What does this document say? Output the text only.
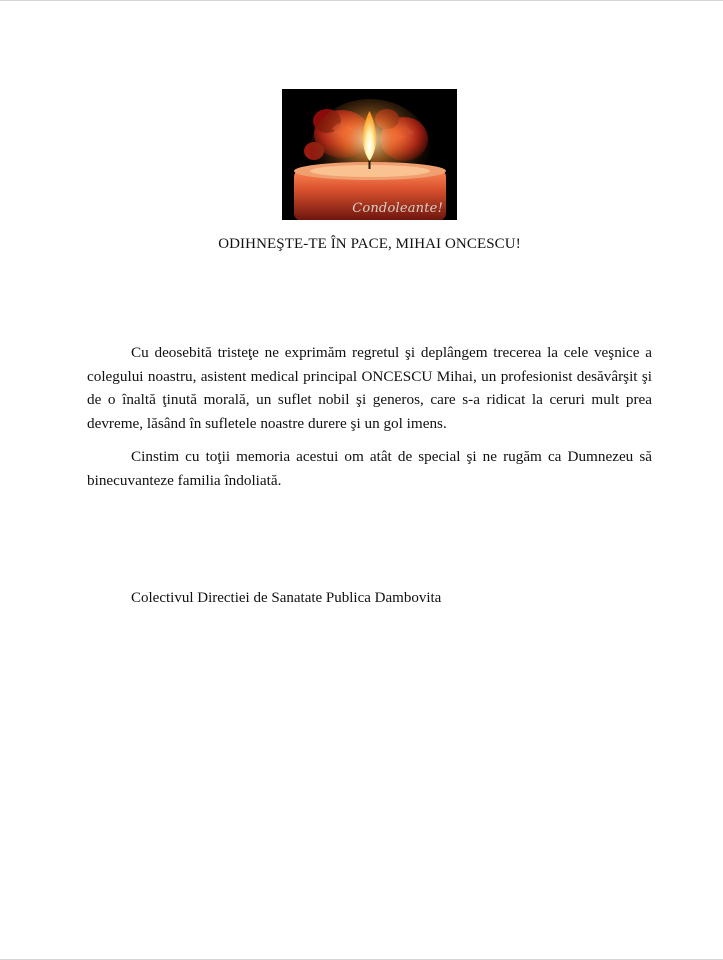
Condoleante!
ODIHNEŞTE-TE ÎN PACE, MIHAI ONCESCU!

Cu deosebită tristeţe ne exprimăm regretul şi deplângem trecerea la cele veşnice a colegului noastru, asistent medical principal ONCESCU Mihai, un profesionist desăvârşit şi de o înaltă ţinută morală, un suflet nobil şi generos, care s-a ridicat la ceruri mult prea devreme, lăsând în sufletele noastre durere şi un gol imens.

Cinstim cu toţii memoria acestui om atât de special şi ne rugăm ca Dumnezeu să binecuvanteze familia îndoliată.

Colectivul Directiei de Sanatate Publica Dambovita
